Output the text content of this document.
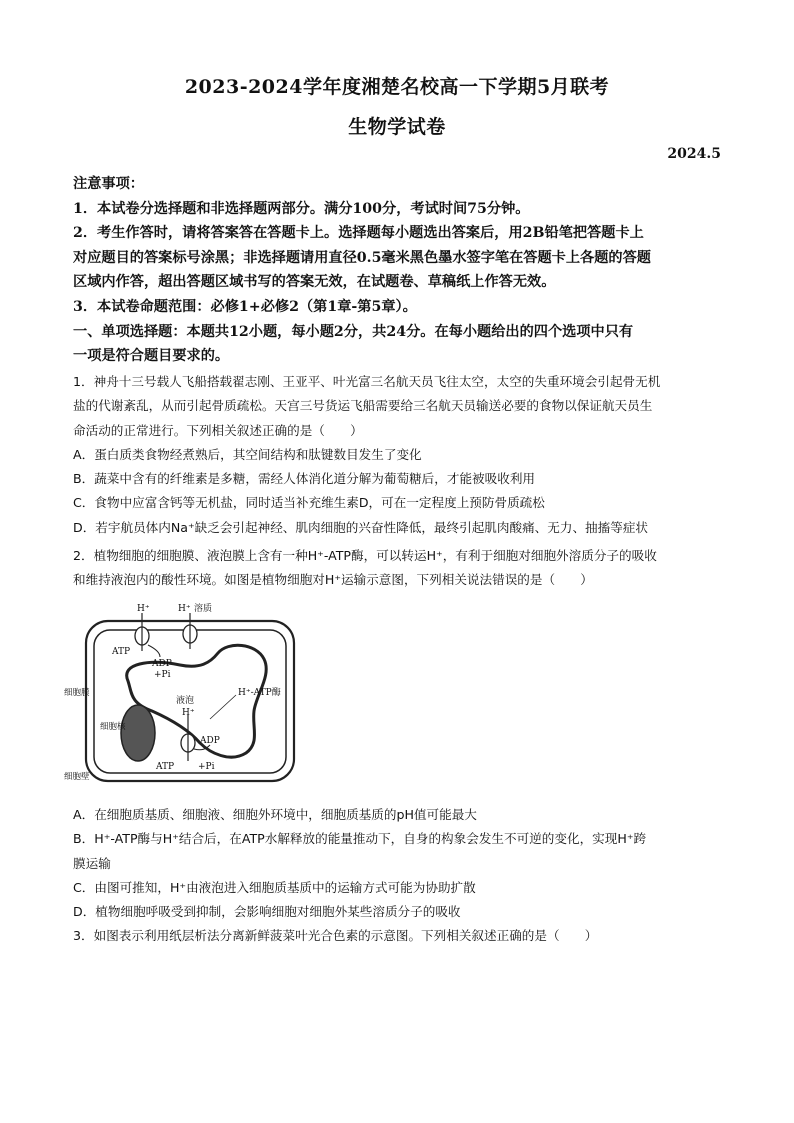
2023-2024学年度湘楚名校高一下学期5月联考
生物学试卷
2024.5

注意事项：

1．本试卷分选择题和非选择题两部分。满分100分，考试时间75分钟。

2．考生作答时，请将答案答在答题卡上。选择题每小题选出答案后，用2B铅笔把答题卡上

对应题目的答案标号涂黑；非选择题请用直径0.5毫米黑色墨水签字笔在答题卡上各题的答题

区域内作答，超出答题区域书写的答案无效，在试题卷、草稿纸上作答无效。

3．本试卷命题范围：必修1+必修2（第1章-第5章）。

一、单项选择题：本题共12小题，每小题2分，共24分。在每小题给出的四个选项中只有

一项是符合题目要求的。

1．神舟十三号载人飞船搭载翟志刚、王亚平、叶光富三名航天员飞往太空，太空的失重环境会引起骨无机

盐的代谢紊乱，从而引起骨质疏松。天宫三号货运飞船需要给三名航天员输送必要的食物以保证航天员生

命活动的正常进行。下列相关叙述正确的是（　　）

A．蛋白质类食物经煮熟后，其空间结构和肽键数目发生了变化

B．蔬菜中含有的纤维素是多糖，需经人体消化道分解为葡萄糖后，才能被吸收利用

C．食物中应富含钙等无机盐，同时适当补充维生素D，可在一定程度上预防骨质疏松

D．若宇航员体内Na⁺缺乏会引起神经、肌肉细胞的兴奋性降低，最终引起肌肉酸痛、无力、抽搐等症状

2．植物细胞的细胞膜、液泡膜上含有一种H⁺-ATP酶，可以转运H⁺，有利于细胞对细胞外溶质分子的吸收

和维持液泡内的酸性环境。如图是植物细胞对H⁺运输示意图，下列相关说法错误的是（　　）

H⁺	H⁺ 溶质
ATP
ADP
+Pi
液泡
H⁺
H⁺-ATP酶
ADP
ATP	+Pi
细胞膜
细胞核
细胞壁

A．在细胞质基质、细胞液、细胞外环境中，细胞质基质的pH值可能最大

B．H⁺-ATP酶与H⁺结合后，在ATP水解释放的能量推动下，自身的构象会发生不可逆的变化，实现H⁺跨

膜运输

C．由图可推知，H⁺由液泡进入细胞质基质中的运输方式可能为协助扩散

D．植物细胞呼吸受到抑制，会影响细胞对细胞外某些溶质分子的吸收

3．如图表示利用纸层析法分离新鲜菠菜叶光合色素的示意图。下列相关叙述正确的是（　　）
